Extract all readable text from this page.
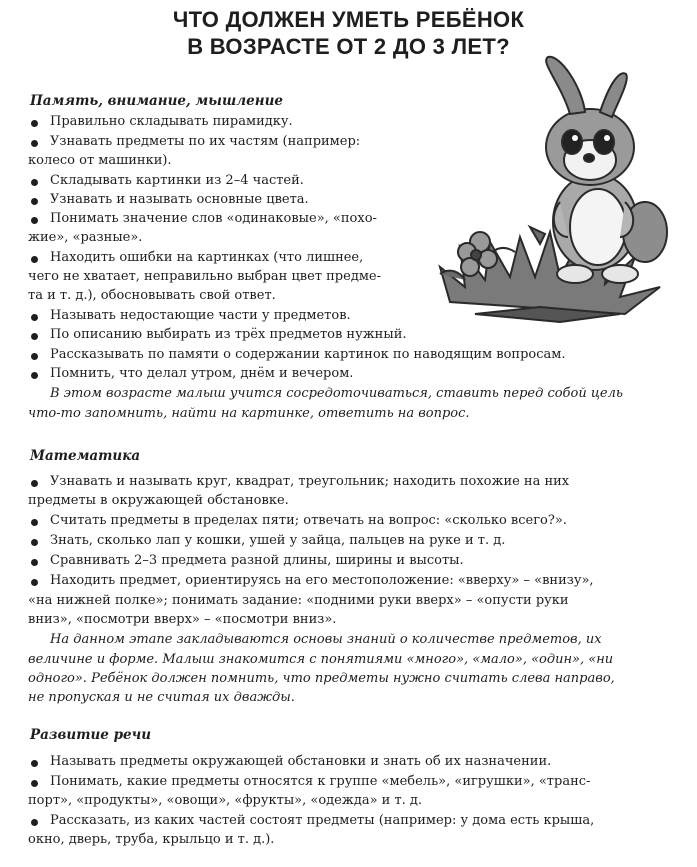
ЧТО ДОЛЖЕН УМЕТЬ РЕБЁНОК
В ВОЗРАСТЕ ОТ 2 ДО 3 ЛЕТ?
Память, внимание, мышление
Правильно складывать пирамидку.
Узнавать предметы по их частям (например:
колесо от машинки).
Складывать картинки из 2–4 частей.
Узнавать и называть основные цвета.
Понимать значение слов «одинаковые», «похо-
жие», «разные».
Находить ошибки на картинках (что лишнее,
чего не хватает, неправильно выбран цвет предме-
та и т. д.), обосновывать свой ответ.
Называть недостающие части у предметов.
По описанию выбирать из трёх предметов нужный.
Рассказывать по памяти о содержании картинок по наводящим вопросам.
Помнить, что делал утром, днём и вечером.
В этом возрасте малыш учится сосредоточиваться, ставить перед собой цель
что-то запомнить, найти на картинке, ответить на вопрос.
Математика
Узнавать и называть круг, квадрат, треугольник; находить похожие на них
предметы в окружающей обстановке.
Считать предметы в пределах пяти; отвечать на вопрос: «сколько всего?».
Знать, сколько лап у кошки, ушей у зайца, пальцев на руке и т. д.
Сравнивать 2–3 предмета разной длины, ширины и высоты.
Находить предмет, ориентируясь на его местоположение: «вверху» – «внизу»,
«на нижней полке»; понимать задание: «подними руки вверх» – «опусти руки
вниз», «посмотри вверх» – «посмотри вниз».
На данном этапе закладываются основы знаний о количестве предметов, их
величине и форме. Малыш знакомится с понятиями «много», «мало», «один», «ни
одного». Ребёнок должен помнить, что предметы нужно считать слева направо,
не пропуская и не считая их дважды.
Развитие речи
Называть предметы окружающей обстановки и знать об их назначении.
Понимать, какие предметы относятся к группе «мебель», «игрушки», «транс-
порт», «продукты», «овощи», «фрукты», «одежда» и т. д.
Рассказать, из каких частей состоят предметы (например: у дома есть крыша,
окно, дверь, труба, крыльцо и т. д.).
